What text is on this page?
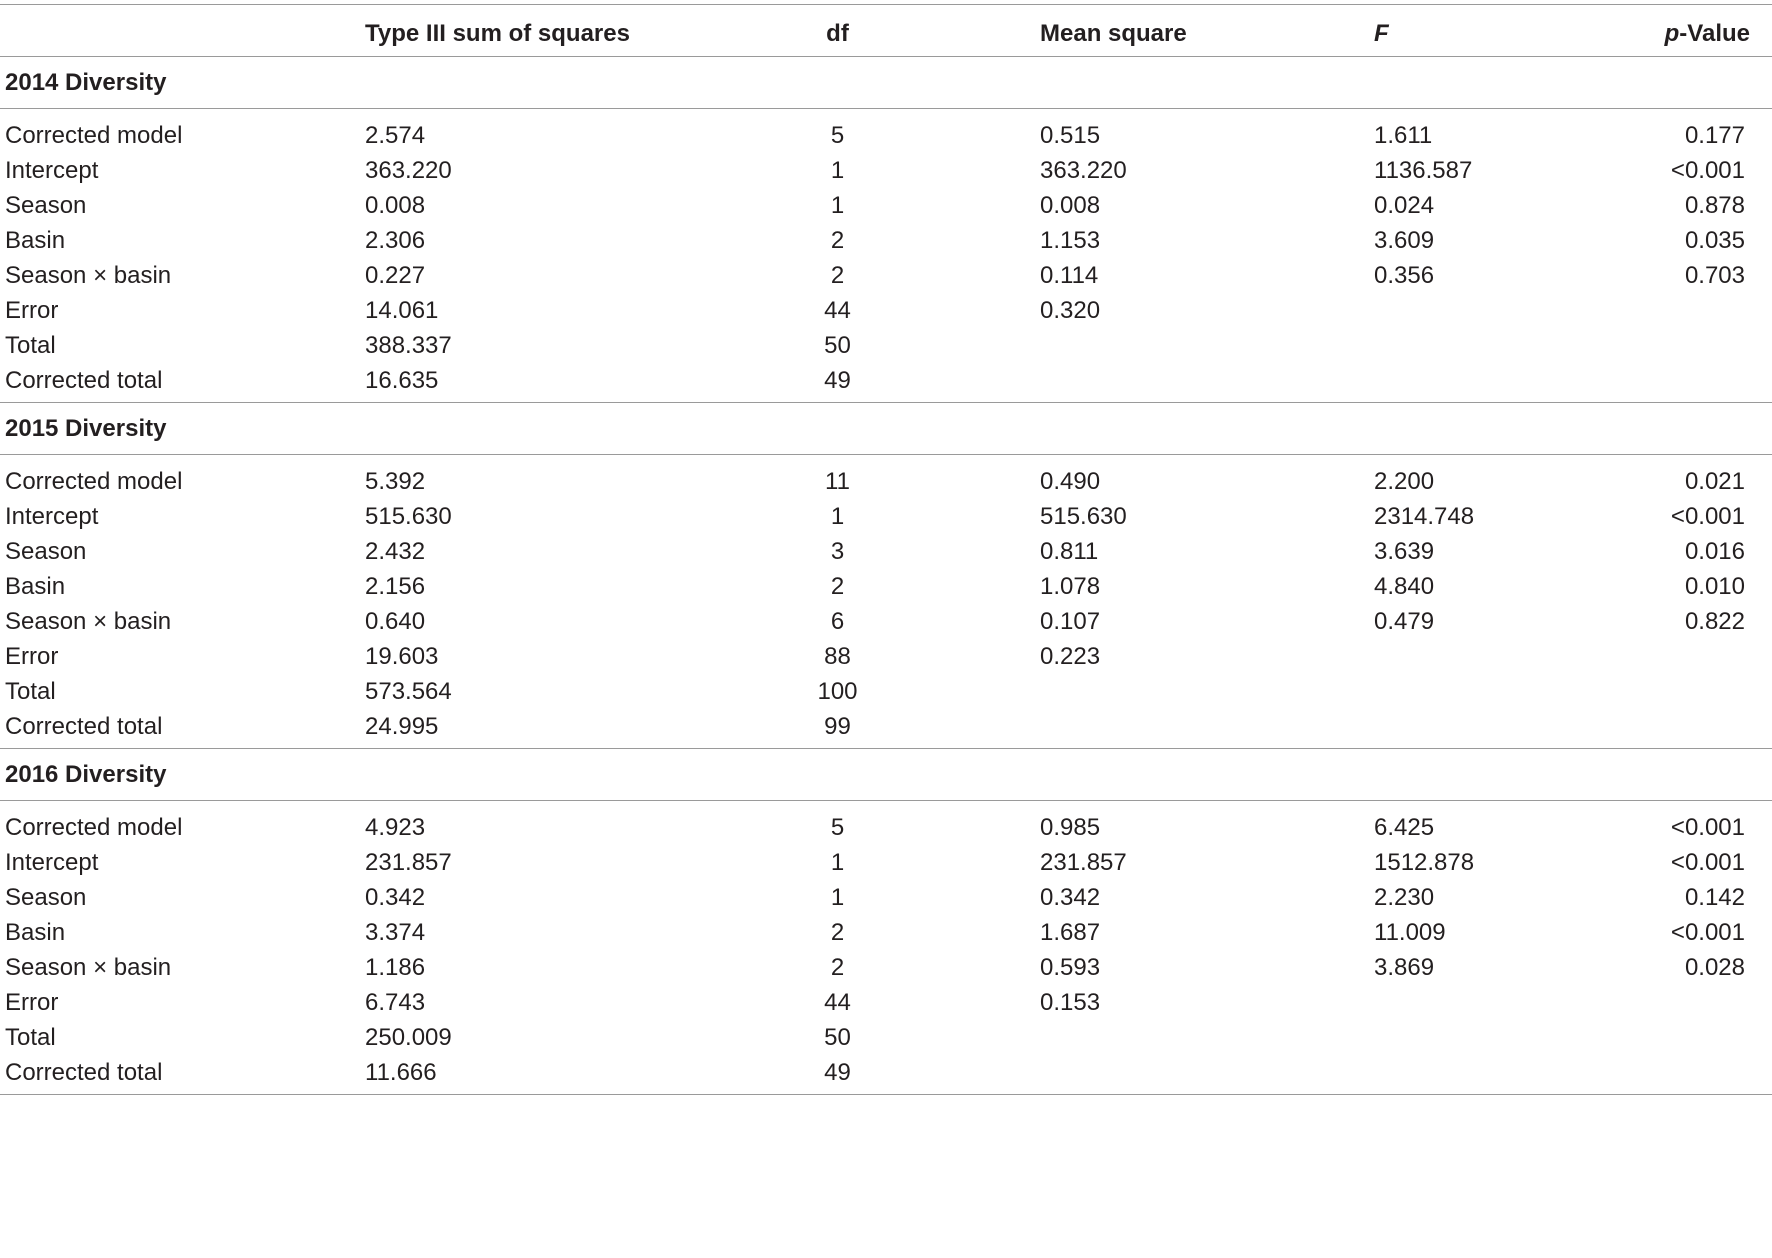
Type III sum of squares	df	Mean square	F	p-Value
2014 Diversity
Corrected model	2.574	5	0.515	1.611	0.177
Intercept	363.220	1	363.220	1136.587	<0.001
Season	0.008	1	0.008	0.024	0.878
Basin	2.306	2	1.153	3.609	0.035
Season × basin	0.227	2	0.114	0.356	0.703
Error	14.061	44	0.320
Total	388.337	50
Corrected total	16.635	49
2015 Diversity
Corrected model	5.392	11	0.490	2.200	0.021
Intercept	515.630	1	515.630	2314.748	<0.001
Season	2.432	3	0.811	3.639	0.016
Basin	2.156	2	1.078	4.840	0.010
Season × basin	0.640	6	0.107	0.479	0.822
Error	19.603	88	0.223
Total	573.564	100
Corrected total	24.995	99
2016 Diversity
Corrected model	4.923	5	0.985	6.425	<0.001
Intercept	231.857	1	231.857	1512.878	<0.001
Season	0.342	1	0.342	2.230	0.142
Basin	3.374	2	1.687	11.009	<0.001
Season × basin	1.186	2	0.593	3.869	0.028
Error	6.743	44	0.153
Total	250.009	50
Corrected total	11.666	49
